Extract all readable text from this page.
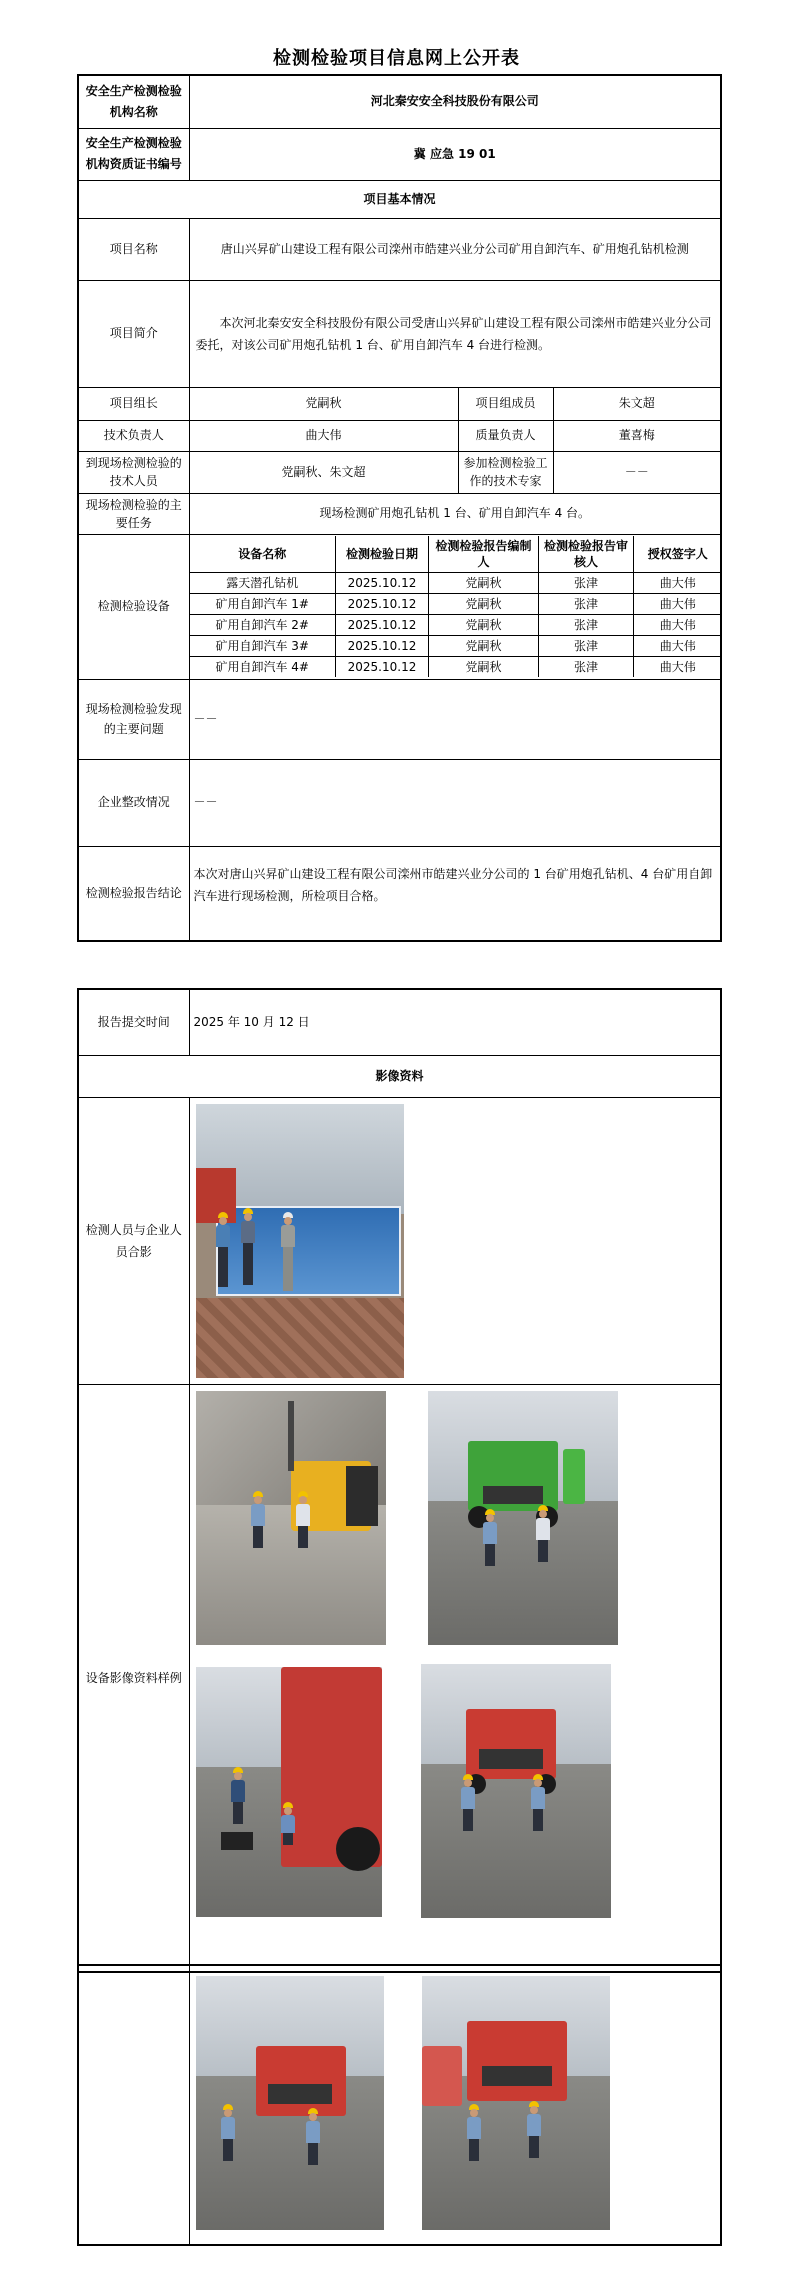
检测检验项目信息网上公开表
安全生产检测检验机构名称	河北秦安安全科技股份有限公司
安全生产检测检验机构资质证书编号	冀 应急 19 01
项目基本情况
项目名称	唐山兴昇矿山建设工程有限公司滦州市皓建兴业分公司矿用自卸汽车、矿用炮孔钻机检测
项目简介	本次河北秦安安全科技股份有限公司受唐山兴昇矿山建设工程有限公司滦州市皓建兴业分公司委托，对该公司矿用炮孔钻机 1 台、矿用自卸汽车 4 台进行检测。
项目组长	党嗣秋	项目组成员	朱文超
技术负责人	曲大伟	质量负责人	董喜梅
到现场检测检验的技术人员	党嗣秋、朱文超	参加检测检验工作的技术专家	－－
现场检测检验的主要任务	现场检测矿用炮孔钻机 1 台、矿用自卸汽车 4 台。
检测检验设备	
设备名称	检测检验日期	检测检验报告编制人	检测检验报告审核人	授权签字人
露天潜孔钻机	2025.10.12	党嗣秋	张津	曲大伟
矿用自卸汽车 1#	2025.10.12	党嗣秋	张津	曲大伟
矿用自卸汽车 2#	2025.10.12	党嗣秋	张津	曲大伟
矿用自卸汽车 3#	2025.10.12	党嗣秋	张津	曲大伟
矿用自卸汽车 4#	2025.10.12	党嗣秋	张津	曲大伟

现场检测检验发现的主要问题	－－
企业整改情况	－－
检测检验报告结论	本次对唐山兴昇矿山建设工程有限公司滦州市皓建兴业分公司的 1 台矿用炮孔钻机、4 台矿用自卸汽车进行现场检测，所检项目合格。
报告提交时间	2025 年 10 月 12 日
影像资料	
检测人员与企业人员合影	

设备影像资料样例	
